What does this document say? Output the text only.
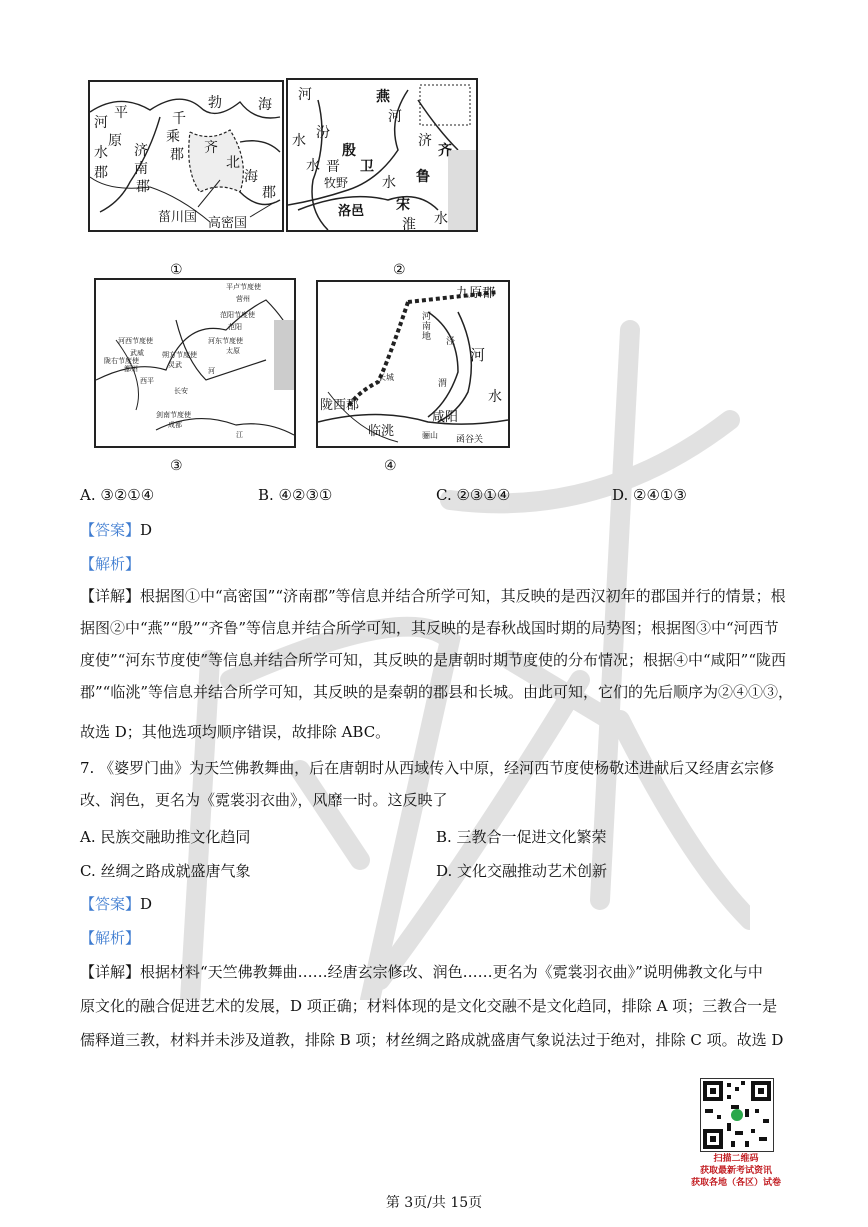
河
平	千
勃	海
原	乘
水 济 郡 齐
北
郡 南	海
郡	郡
菑川国 高密国
①
河	燕
水
河
汾
殷
济
齐
水 晋 卫
鲁
牧野 水
洛邑 宋
淮 水
②
平卢节度使
营州
范阳节度使
范阳
河东节度使
太原
河西节度使
武威	朔方节度使
灵武
陇右节度使
鄯州
西平
长安
河
剑南节度使
成都
江
③
九原郡
河南地
河
陇西郡
临洮
咸阳
骊山 函谷关
水
泾
渭
长城
④
A. ③②①④	B. ④②③①	C. ②③①④	D. ②④①③
【答案】D
【解析】
【详解】根据图①中“高密国”“济南郡”等信息并结合所学可知，其反映的是西汉初年的郡国并行的情景；根
据图②中“燕”“殷”“齐鲁”等信息并结合所学可知，其反映的是春秋战国时期的局势图；根据图③中“河西节
度使”“河东节度使”等信息并结合所学可知，其反映的是唐朝时期节度使的分布情况；根据④中“咸阳”“陇西
郡”“临洮”等信息并结合所学可知，其反映的是秦朝的郡县和长城。由此可知，它们的先后顺序为②④①③，
故选 D；其他选项均顺序错误，故排除 ABC。
7. 《婆罗门曲》为天竺佛教舞曲，后在唐朝时从西域传入中原，经河西节度使杨敬述进献后又经唐玄宗修
改、润色，更名为《霓裳羽衣曲》，风靡一时。这反映了
A. 民族交融助推文化趋同	B. 三教合一促进文化繁荣
C. 丝绸之路成就盛唐气象	D. 文化交融推动艺术创新
【答案】D
【解析】
【详解】根据材料“天竺佛教舞曲……经唐玄宗修改、润色……更名为《霓裳羽衣曲》”说明佛教文化与中
原文化的融合促进艺术的发展，D 项正确；材料体现的是文化交融不是文化趋同，排除 A 项；三教合一是
儒释道三教，材料并未涉及道教，排除 B 项；材丝绸之路成就盛唐气象说法过于绝对，排除 C 项。故选 D
扫描二维码
获取最新考试资讯
获取各地（各区）试卷
第 3页/共 15页
